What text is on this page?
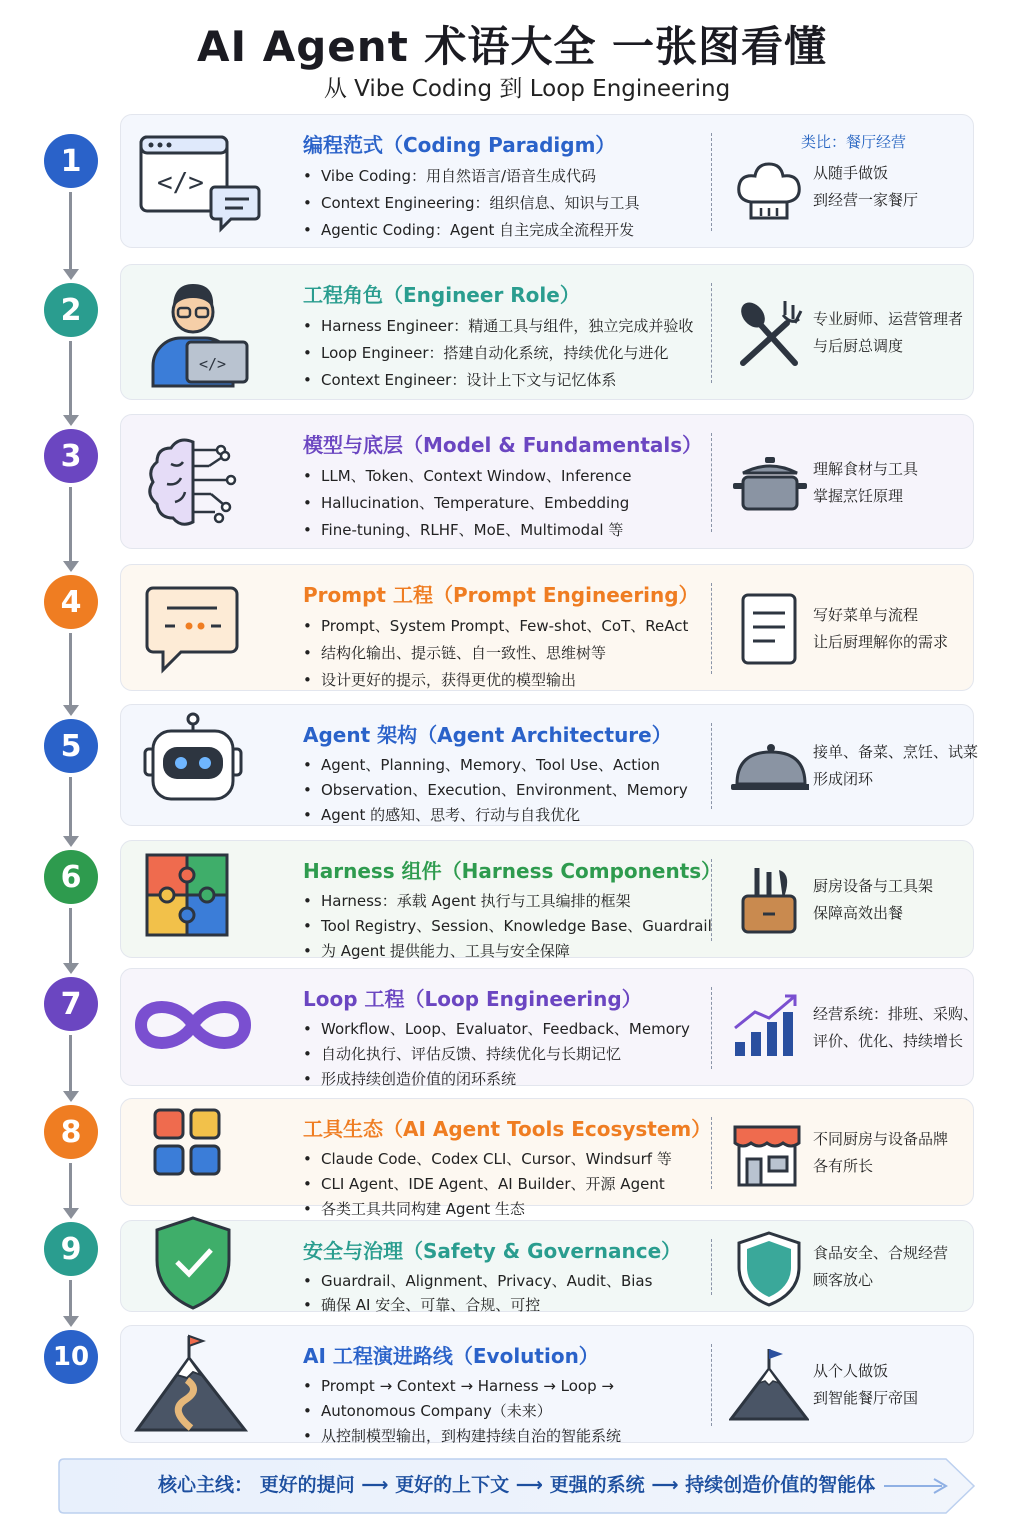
AI Agent 术语大全 一张图看懂
从 Vibe Coding 到 Loop Engineering
1
2
3
4
5
6
7
8
9
10
</>
编程范式（Coding Paradigm）
• Vibe Coding：用自然语言/语音生成代码
• Context Engineering：组织信息、知识与工具
• Agentic Coding：Agent 自主完成全流程开发
类比：餐厅经营
从随手做饭
到经营一家餐厅
</>
工程角色（Engineer Role）
• Harness Engineer：精通工具与组件，独立完成并验收
• Loop Engineer：搭建自动化系统，持续优化与进化
• Context Engineer：设计上下文与记忆体系
专业厨师、运营管理者
与后厨总调度
模型与底层（Model & Fundamentals）
• LLM、Token、Context Window、Inference
• Hallucination、Temperature、Embedding
• Fine-tuning、RLHF、MoE、Multimodal 等
理解食材与工具
掌握烹饪原理
Prompt 工程（Prompt Engineering）
• Prompt、System Prompt、Few-shot、CoT、ReAct
• 结构化输出、提示链、自一致性、思维树等
• 设计更好的提示，获得更优的模型输出
写好菜单与流程
让后厨理解你的需求
Agent 架构（Agent Architecture）
• Agent、Planning、Memory、Tool Use、Action
• Observation、Execution、Environment、Memory
• Agent 的感知、思考、行动与自我优化
接单、备菜、烹饪、试菜
形成闭环
Harness 组件（Harness Components）
• Harness：承载 Agent 执行与工具编排的框架
• Tool Registry、Session、Knowledge Base、Guardrail
• 为 Agent 提供能力、工具与安全保障
厨房设备与工具架
保障高效出餐
Loop 工程（Loop Engineering）
• Workflow、Loop、Evaluator、Feedback、Memory
• 自动化执行、评估反馈、持续优化与长期记忆
• 形成持续创造价值的闭环系统
经营系统：排班、采购、
评价、优化、持续增长
工具生态（AI Agent Tools Ecosystem）
• Claude Code、Codex CLI、Cursor、Windsurf 等
• CLI Agent、IDE Agent、AI Builder、开源 Agent
• 各类工具共同构建 Agent 生态
不同厨房与设备品牌
各有所长
安全与治理（Safety & Governance）
• Guardrail、Alignment、Privacy、Audit、Bias
• 确保 AI 安全、可靠、合规、可控
食品安全、合规经营
顾客放心
AI 工程演进路线（Evolution）
• Prompt → Context → Harness → Loop →
• Autonomous Company（未来）
• 从控制模型输出，到构建持续自治的智能系统
从个人做饭
到智能餐厅帝国
核心主线： 更好的提问 ⟶ 更好的上下文 ⟶ 更强的系统 ⟶ 持续创造价值的智能体
